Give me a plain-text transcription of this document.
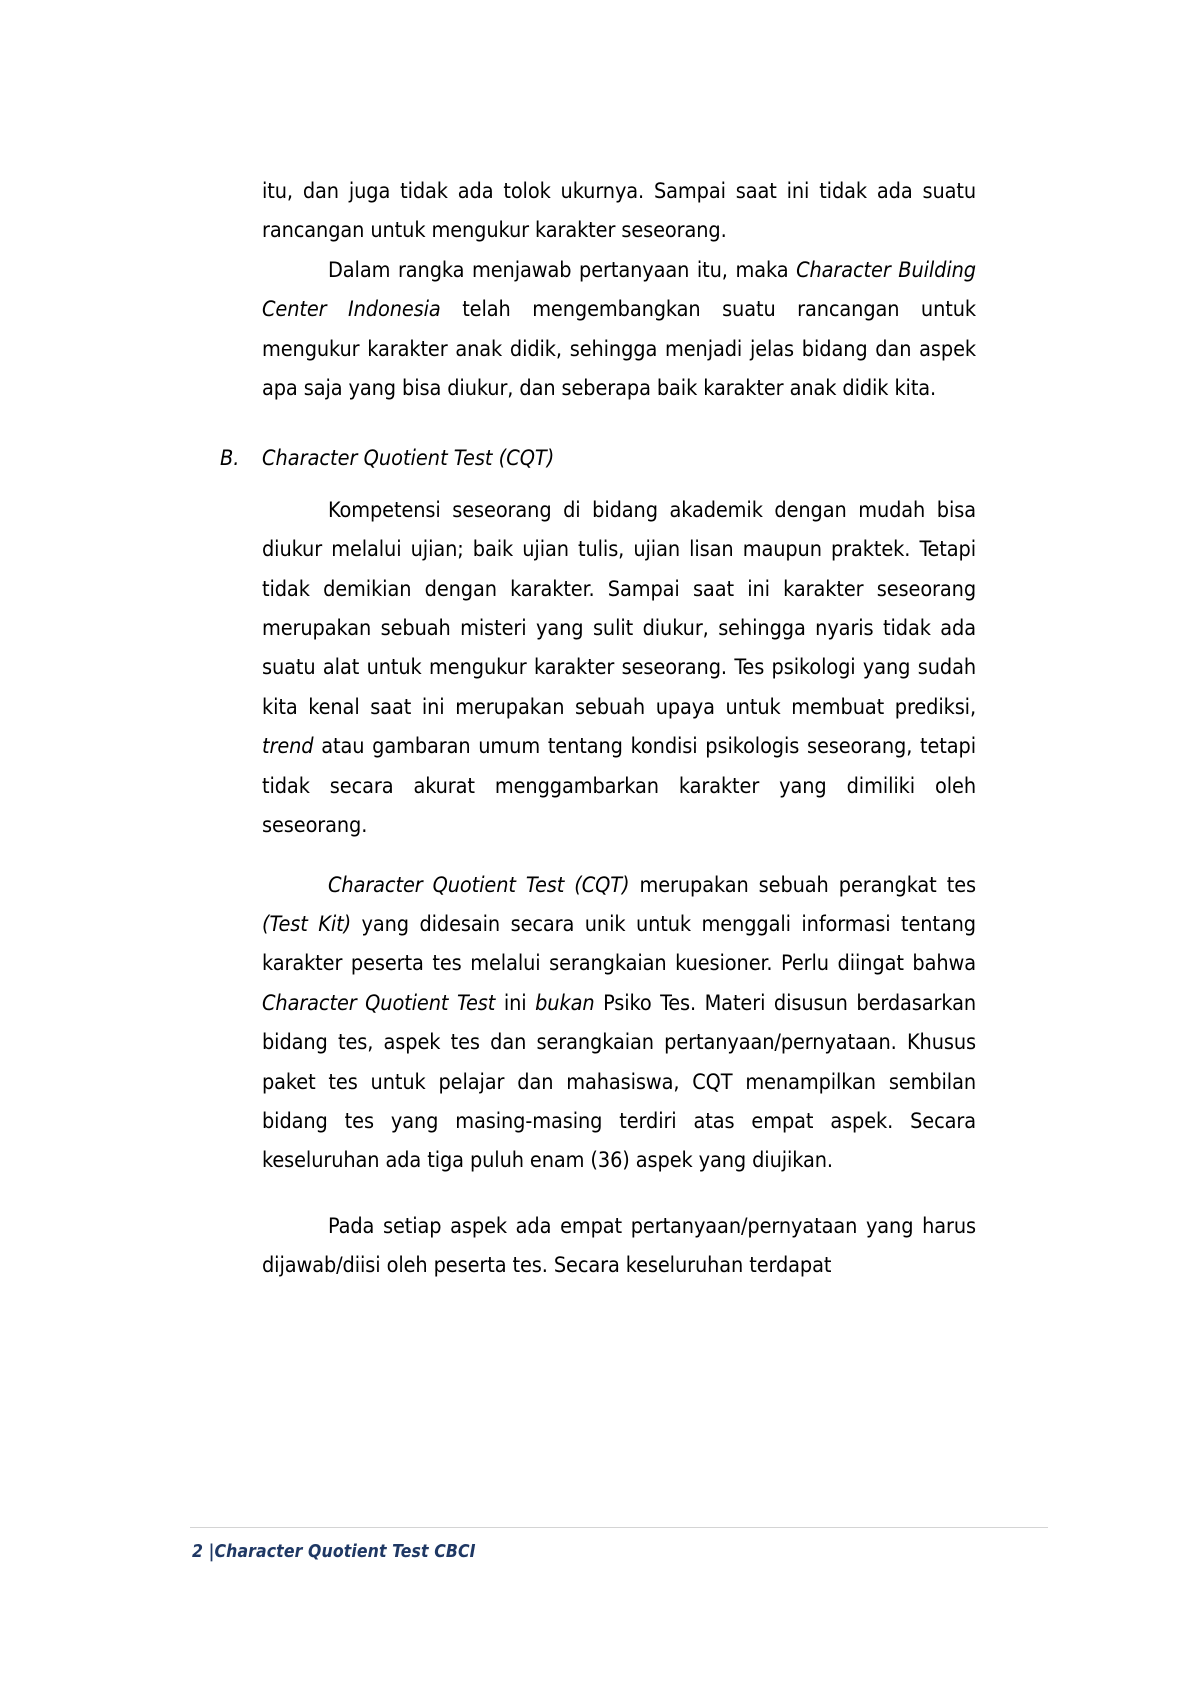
itu, dan juga tidak ada tolok ukurnya. Sampai saat ini tidak ada suatu rancangan untuk mengukur karakter seseorang.

Dalam rangka menjawab pertanyaan itu, maka Character Building Center Indonesia telah mengembangkan suatu rancangan untuk mengukur karakter anak didik, sehingga menjadi jelas bidang dan aspek apa saja yang bisa diukur, dan seberapa baik karakter anak didik kita.

B. Character Quotient Test (CQT)

Kompetensi seseorang di bidang akademik dengan mudah bisa diukur melalui ujian; baik ujian tulis, ujian lisan maupun praktek. Tetapi tidak demikian dengan karakter. Sampai saat ini karakter seseorang merupakan sebuah misteri yang sulit diukur, sehingga nyaris tidak ada suatu alat untuk mengukur karakter seseorang. Tes psikologi yang sudah kita kenal saat ini merupakan sebuah upaya untuk membuat prediksi, trend atau gambaran umum tentang kondisi psikologis seseorang, tetapi tidak secara akurat menggambarkan karakter yang dimiliki oleh seseorang.

Character Quotient Test (CQT) merupakan sebuah perangkat tes (Test Kit) yang didesain secara unik untuk menggali informasi tentang karakter peserta tes melalui serangkaian kuesioner. Perlu diingat bahwa Character Quotient Test ini bukan Psiko Tes. Materi disusun berdasarkan bidang tes, aspek tes dan serangkaian pertanyaan/pernyataan. Khusus paket tes untuk pelajar dan mahasiswa, CQT menampilkan sembilan bidang tes yang masing-masing terdiri atas empat aspek. Secara keseluruhan ada tiga puluh enam (36) aspek yang diujikan.

Pada setiap aspek ada empat pertanyaan/pernyataan yang harus dijawab/diisi oleh peserta tes. Secara keseluruhan terdapat

2 |Character Quotient Test CBCI
